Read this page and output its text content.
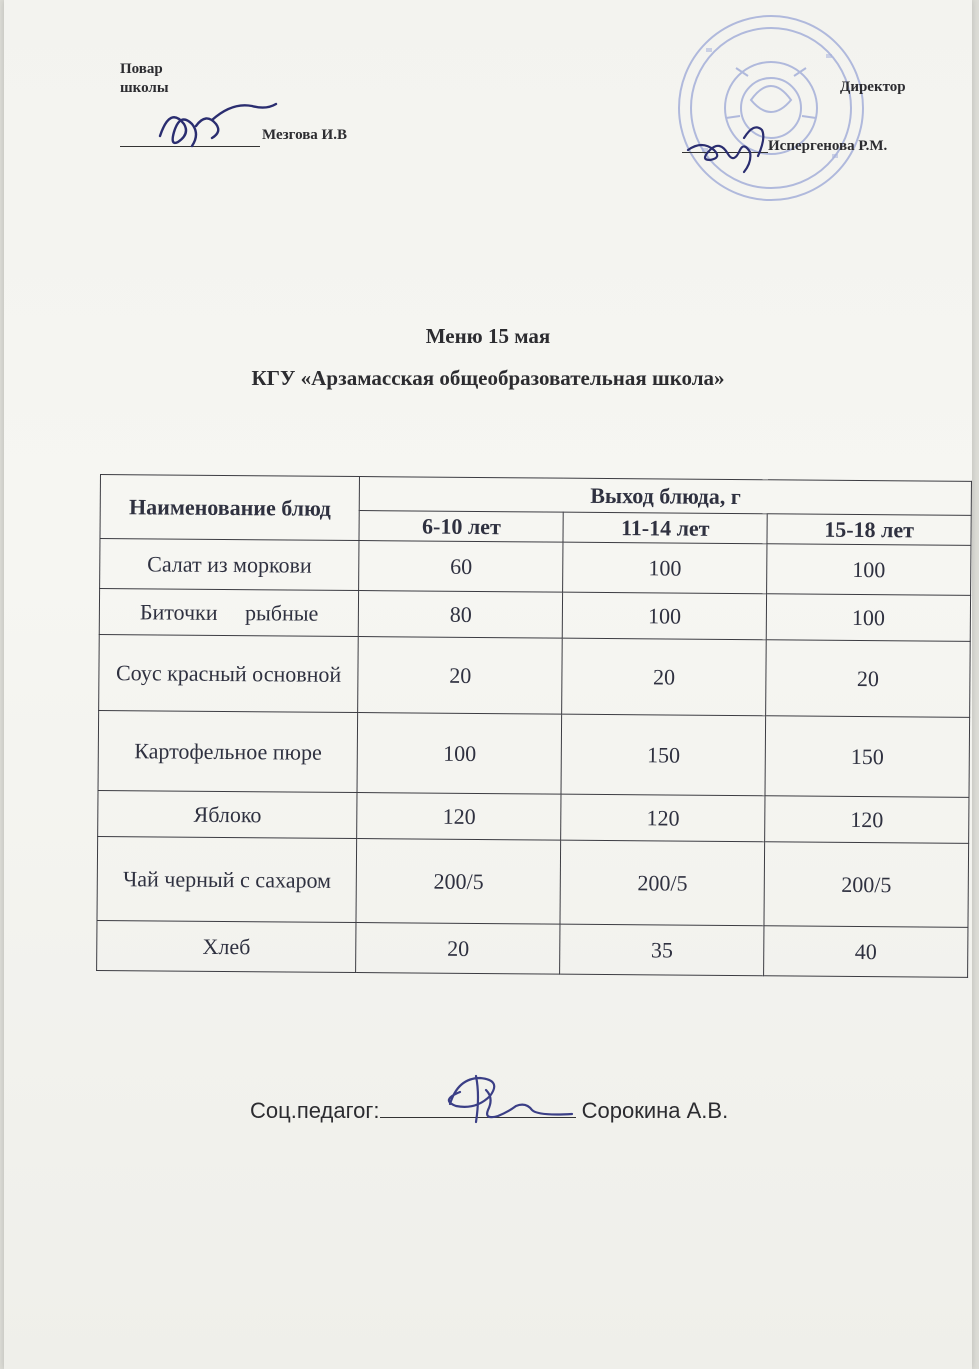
Повар
школы
Мезгова И.В
Директор
Испергенова Р.М.
Меню 15 мая
КГУ «Арзамасская общеобразовательная школа»
Наименование блюд	Выход блюда, г		
	6-10 лет	11-14 лет	15-18 лет
Салат из моркови	60	100	100
Биточки     рыбные	80	100	100
Соус красный основной	20	20	20
Картофельное пюре	100	150	150
Яблоко	120	120	120
Чай черный с сахаром	200/5	200/5	200/5
Хлеб	20	35	40
Соц.педагог:	Сорокина А.В.
